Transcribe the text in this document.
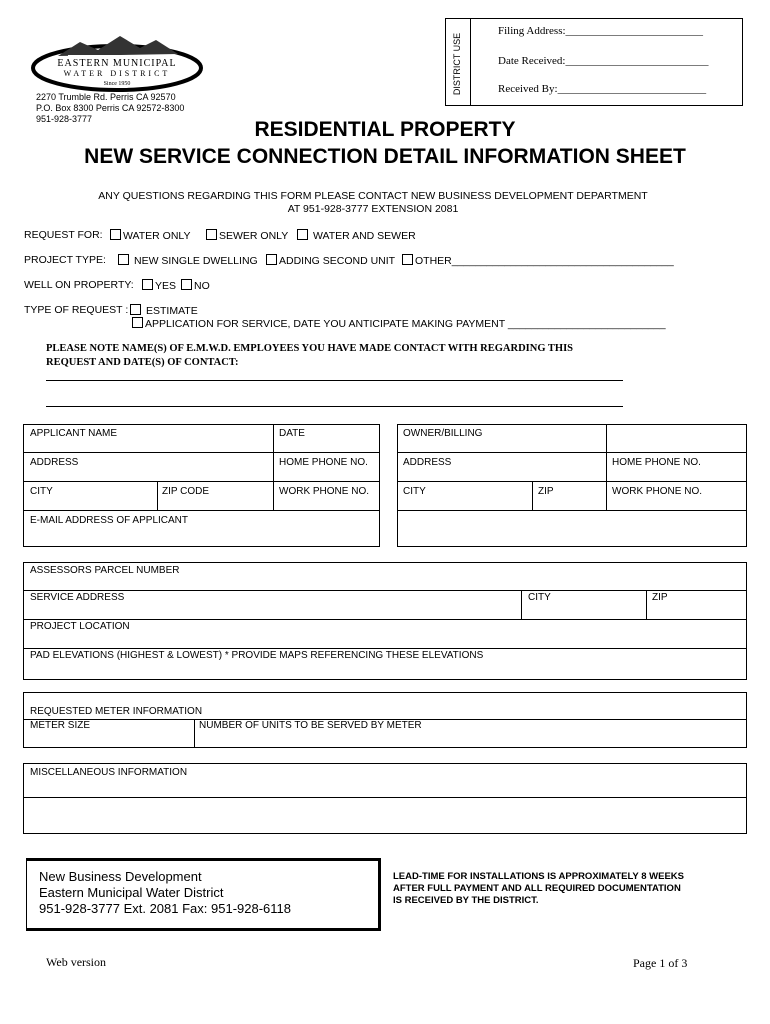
DISTRICT USE
Filing Address:_________________________
Date Received:__________________________
Received By:___________________________
EASTERN MUNICIPAL
WATER DISTRICT
Since 1950
2270 Trumble Rd. Perris CA 92570
P.O. Box 8300 Perris CA 92572-8300
951-928-3777	RESIDENTIAL PROPERTY
NEW SERVICE CONNECTION DETAIL INFORMATION SHEET
ANY QUESTIONS REGARDING THIS FORM PLEASE CONTACT NEW BUSINESS DEVELOPMENT DEPARTMENT
AT 951-928-3777 EXTENSION 2081
REQUEST FOR:	WATER ONLY	SEWER ONLY	WATER AND SEWER
PROJECT TYPE:	NEW SINGLE DWELLING	ADDING SECOND UNIT	OTHER______________________________________
WELL ON PROPERTY:	YES	NO
TYPE OF REQUEST :	ESTIMATE
APPLICATION FOR SERVICE, DATE YOU ANTICIPATE MAKING PAYMENT ___________________________
PLEASE NOTE NAME(S) OF E.M.W.D. EMPLOYEES YOU HAVE MADE CONTACT WITH REGARDING THIS
REQUEST AND DATE(S) OF CONTACT:
APPLICANT NAME	DATE
ADDRESS	HOME PHONE NO.
CITY	ZIP CODE	WORK PHONE NO.
E-MAIL ADDRESS OF APPLICANT
OWNER/BILLING
ADDRESS	HOME PHONE NO.
CITY	ZIP	WORK PHONE NO.
ASSESSORS PARCEL NUMBER
SERVICE ADDRESS	CITY	ZIP
PROJECT LOCATION
PAD ELEVATIONS (HIGHEST & LOWEST) * PROVIDE MAPS REFERENCING THESE ELEVATIONS
REQUESTED METER INFORMATION
METER SIZE	NUMBER OF UNITS TO BE SERVED BY METER
MISCELLANEOUS INFORMATION
New Business Development
Eastern Municipal Water District
951-928-3777 Ext. 2081 Fax: 951-928-6118
LEAD-TIME FOR INSTALLATIONS IS APPROXIMATELY 8 WEEKS
AFTER FULL PAYMENT AND ALL REQUIRED DOCUMENTATION
IS RECEIVED BY THE DISTRICT.
Web version	Page 1 of 3
